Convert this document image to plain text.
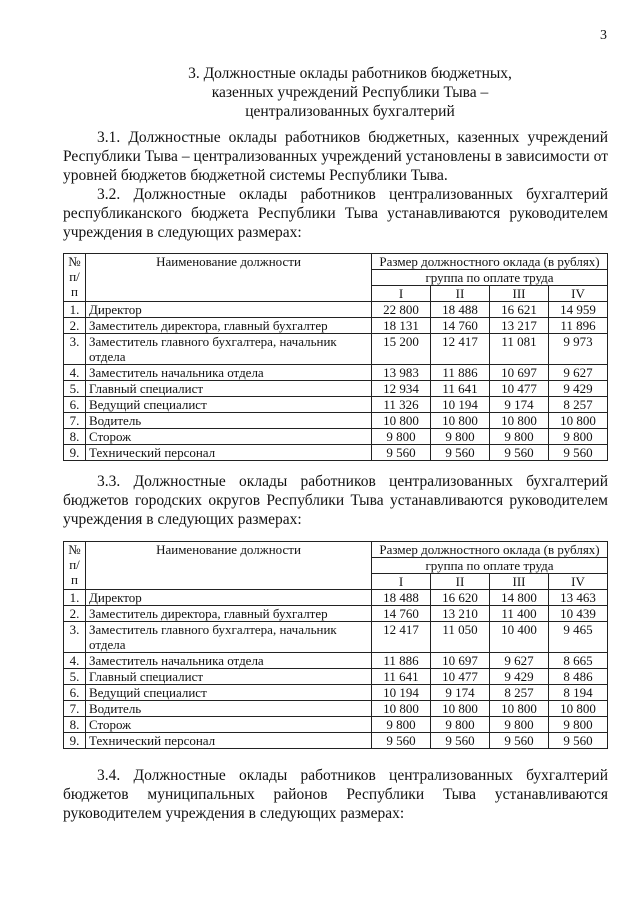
3
3. Должностные оклады работников бюджетных,
казенных учреждений Республики Тыва –
централизованных бухгалтерий

3.1. Должностные оклады работников бюджетных, казенных учреждений Республики Тыва – централизованных учреждений установлены в зависимости от уровней бюджетов бюджетной системы Республики Тыва.

3.2. Должностные оклады работников централизованных бухгалтерий республиканского бюджета Республики Тыва устанавливаются руководителем учреждения в следующих размерах:

№ п/п	Наименование должности	Размер должностного оклада (в рублях)			
		группа по оплате труда			
		I	II	III	IV
1.	Директор	22 800	18 488	16 621	14 959
2.	Заместитель директора, главный бухгалтер	18 131	14 760	13 217	11 896
3.	Заместитель главного бухгалтера, начальник отдела	15 200	12 417	11 081	9 973
4.	Заместитель начальника отдела	13 983	11 886	10 697	9 627
5.	Главный специалист	12 934	11 641	10 477	9 429
6.	Ведущий специалист	11 326	10 194	9 174	8 257
7.	Водитель	10 800	10 800	10 800	10 800
8.	Сторож	9 800	9 800	9 800	9 800
9.	Технический персонал	9 560	9 560	9 560	9 560

3.3. Должностные оклады работников централизованных бухгалтерий бюджетов городских округов Республики Тыва устанавливаются руководителем учреждения в следующих размерах:

№ п/п	Наименование должности	Размер должностного оклада (в рублях)			
		группа по оплате труда			
		I	II	III	IV
1.	Директор	18 488	16 620	14 800	13 463
2.	Заместитель директора, главный бухгалтер	14 760	13 210	11 400	10 439
3.	Заместитель главного бухгалтера, начальник отдела	12 417	11 050	10 400	9 465
4.	Заместитель начальника отдела	11 886	10 697	9 627	8 665
5.	Главный специалист	11 641	10 477	9 429	8 486
6.	Ведущий специалист	10 194	9 174	8 257	8 194
7.	Водитель	10 800	10 800	10 800	10 800
8.	Сторож	9 800	9 800	9 800	9 800
9.	Технический персонал	9 560	9 560	9 560	9 560

3.4. Должностные оклады работников централизованных бухгалтерий бюджетов муниципальных районов Республики Тыва устанавливаются руководителем учреждения в следующих размерах:
